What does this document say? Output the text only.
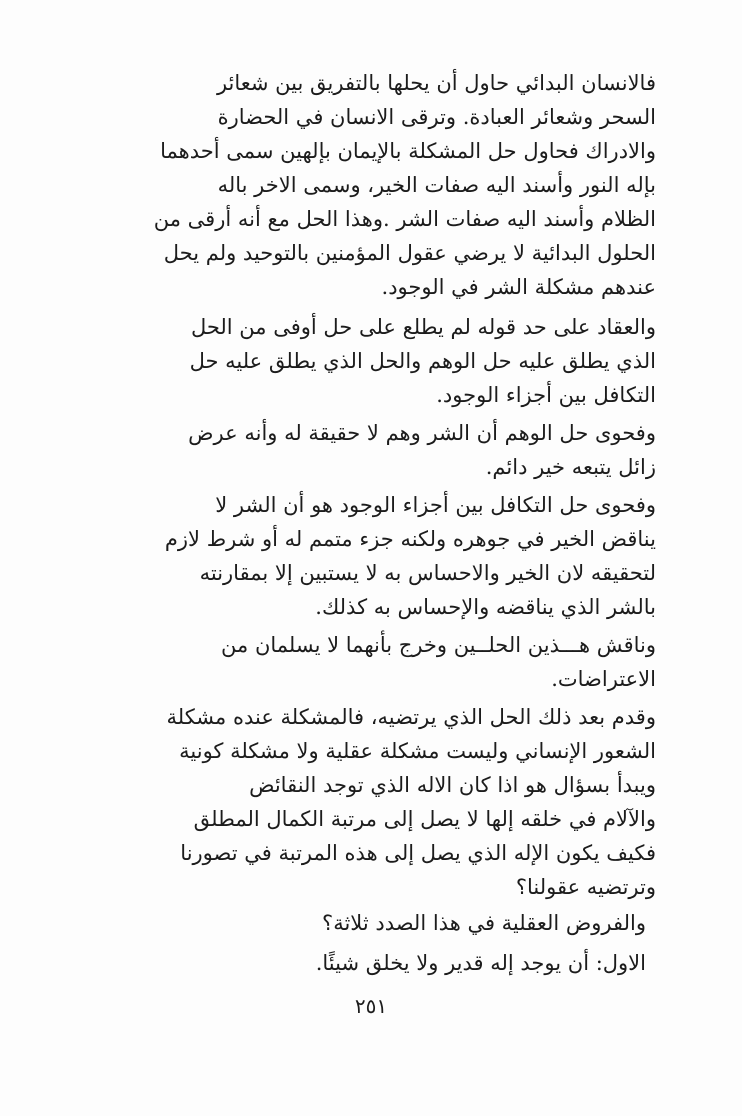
فالانسان البدائي حاول أن يحلها بالتفريق بين شعائر
السحر وشعائر العبادة. وترقى الانسان في الحضارة
والادراك فحاول حل المشكلة بالإيمان بإلهين سمى أحدهما
بإله النور وأسند اليه صفات الخير، وسمى الاخر باله
الظلام وأسند اليه صفات الشر .وهذا الحل مع أنه أرقى من
الحلول البدائية لا يرضي عقول المؤمنين بالتوحيد ولم يحل
عندهم مشكلة الشر في الوجود.
والعقاد على حد قوله لم يطلع على حل أوفى من الحل
الذي يطلق عليه حل الوهم والحل الذي يطلق عليه حل
التكافل بين أجزاء الوجود.
وفحوى حل الوهم أن الشر وهم لا حقيقة له وأنه عرض
زائل يتبعه خير دائم.
وفحوى حل التكافل بين أجزاء الوجود هو أن الشر لا
يناقض الخير في جوهره ولكنه جزء متمم له أو شرط لازم
لتحقيقه لان الخير والاحساس به لا يستبين إلا بمقارنته
بالشر الذي يناقضه والإحساس به كذلك.
وناقش هـــذين الحلــين وخرج بأنهما لا يسلمان من
الاعتراضات.
وقدم بعد ذلك الحل الذي يرتضيه، فالمشكلة عنده مشكلة
الشعور الإنساني وليست مشكلة عقلية ولا مشكلة كونية
ويبدأ بسؤال هو اذا كان الاله الذي توجد النقائض
والآلام في خلقه إلها لا يصل إلى مرتبة الكمال المطلق
فكيف يكون الإله الذي يصل إلى هذه المرتبة في تصورنا
وترتضيه عقولنا؟
والفروض العقلية في هذا الصدد ثلاثة؟
الاول: أن يوجد إله قدير ولا يخلق شيئًا.
٢٥١
